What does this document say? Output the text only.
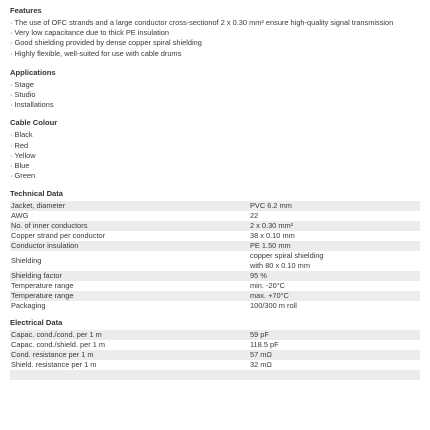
Features
· The use of OFC strands and a large conductor cross-sectionof 2 x 0.30 mm² ensure high-quality signal transmission
· Very low capacitance due to thick PE insulation
· Good shielding provided by dense copper spiral shielding
· Highly flexible, well-suited for use with cable drums
Applications
· Stage
· Studio
· Installations
Cable Colour
· Black
· Red
· Yellow
· Blue
· Green
Technical Data
Jacket, diameter	PVC 6.2 mm
AWG	22
No. of inner conductors	2 x 0.30 mm²
Copper strand per conductor	38 x 0.10 mm
Conductor insulation	PE 1.50 mm
Shielding	copper spiral shielding
with 80 x 0.10 mm

Shielding factor	95 %
Temperature range	min. -20°C
Temperature range	max. +70°C
Packaging	100/300 m roll
Electrical Data
Capac. cond./cond. per 1 m	59 pF
Capac. cond./shield. per 1 m	118.5 pF
Cond. resistance per 1 m	57 mΩ
Shield. resistance per 1 m	32 mΩ
